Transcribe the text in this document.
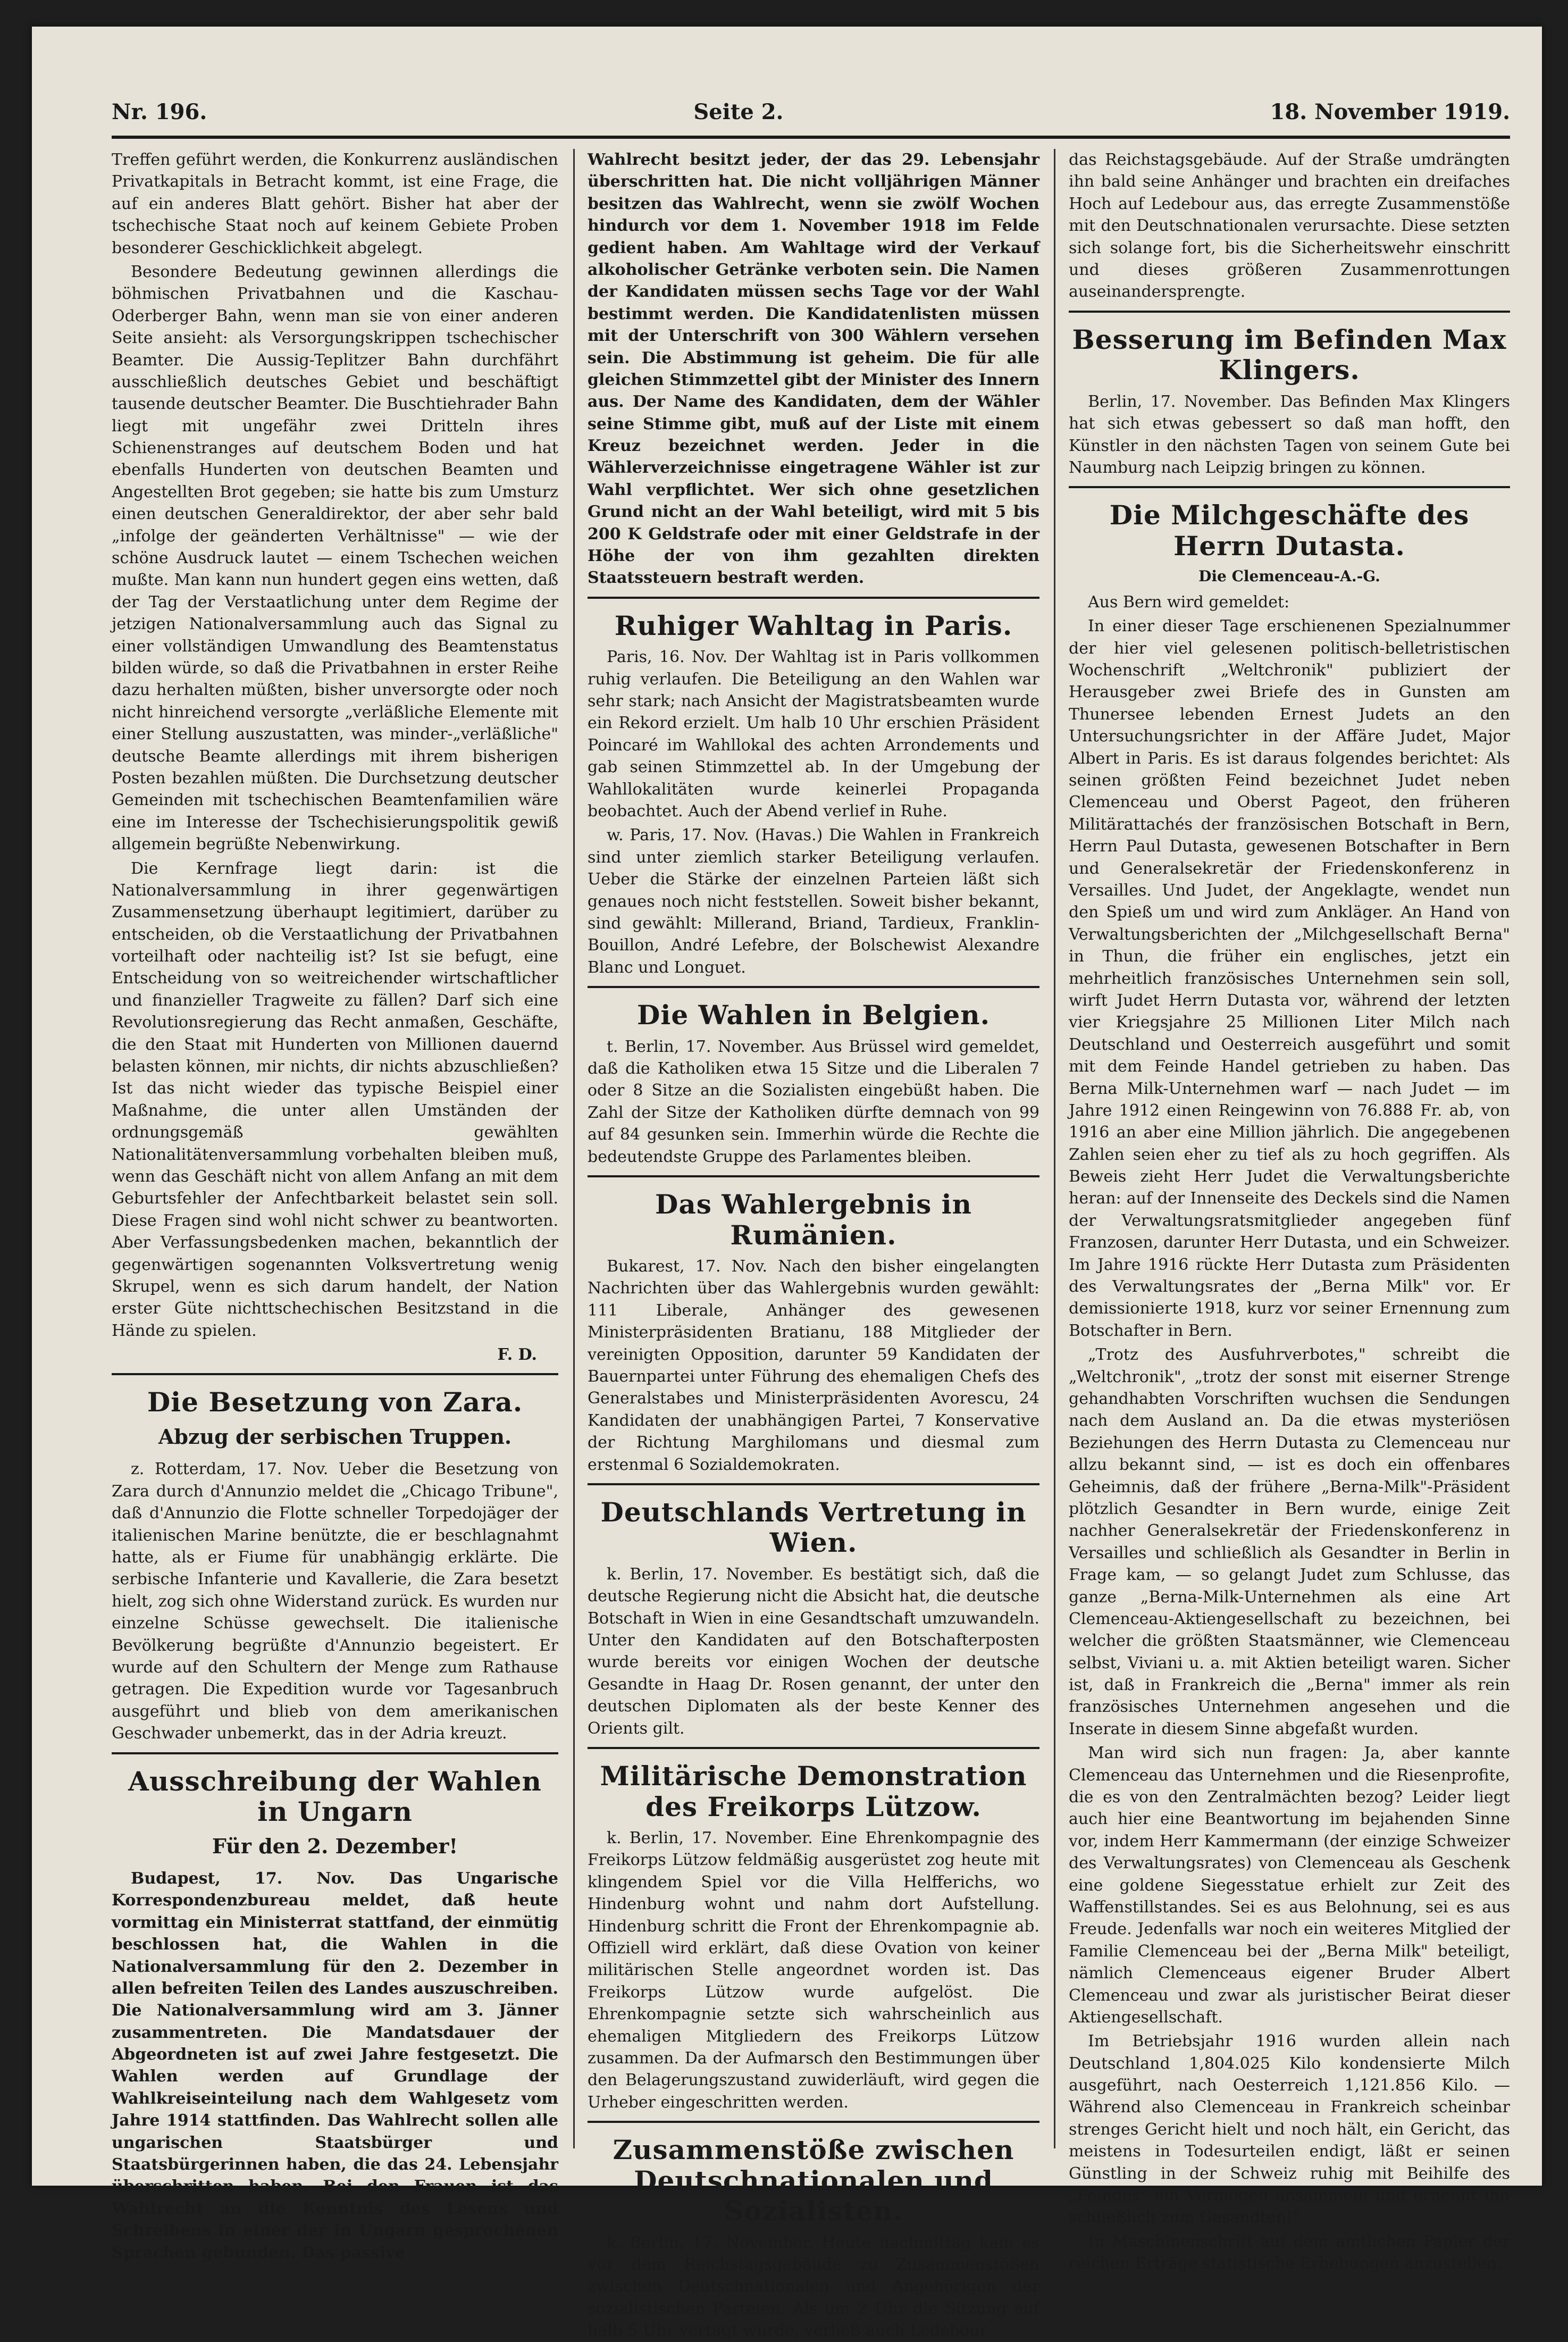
Nr. 196.	Seite 2.	18. November 1919.

Treffen geführt werden, die Konkurrenz ausländischen Privatkapitals in Betracht kommt, ist eine Frage, die auf ein anderes Blatt gehört. Bisher hat aber der tschechische Staat noch auf keinem Gebiete Proben besonderer Geschicklichkeit abgelegt.

Besondere Bedeutung gewinnen allerdings die böhmischen Privatbahnen und die Kaschau-Oderberger Bahn, wenn man sie von einer anderen Seite ansieht: als Versorgungskrippen tschechischer Beamter. Die Aussig-Teplitzer Bahn durchfährt ausschließlich deutsches Gebiet und beschäftigt tausende deutscher Beamter. Die Buschtiehrader Bahn liegt mit ungefähr zwei Dritteln ihres Schienenstranges auf deutschem Boden und hat ebenfalls Hunderten von deutschen Beamten und Angestellten Brot gegeben; sie hatte bis zum Umsturz einen deutschen Generaldirektor, der aber sehr bald „infolge der geänderten Verhältnisse" — wie der schöne Ausdruck lautet — einem Tschechen weichen mußte. Man kann nun hundert gegen eins wetten, daß der Tag der Verstaatlichung unter dem Regime der jetzigen Nationalversammlung auch das Signal zu einer vollständigen Umwandlung des Beamtenstatus bilden würde, so daß die Privatbahnen in erster Reihe dazu herhalten müßten, bisher unversorgte oder noch nicht hinreichend versorgte „verläßliche Elemente mit einer Stellung auszustatten, was minder-„verläßliche" deutsche Beamte allerdings mit ihrem bisherigen Posten bezahlen müßten. Die Durchsetzung deutscher Gemeinden mit tschechischen Beamtenfamilien wäre eine im Interesse der Tschechisierungspolitik gewiß allgemein begrüßte Nebenwirkung.

Die Kernfrage liegt darin: ist die Nationalversammlung in ihrer gegenwärtigen Zusammensetzung überhaupt legitimiert, darüber zu entscheiden, ob die Verstaatlichung der Privatbahnen vorteilhaft oder nachteilig ist? Ist sie befugt, eine Entscheidung von so weitreichender wirtschaftlicher und finanzieller Tragweite zu fällen? Darf sich eine Revolutionsregierung das Recht anmaßen, Geschäfte, die den Staat mit Hunderten von Millionen dauernd belasten können, mir nichts, dir nichts abzuschließen? Ist das nicht wieder das typische Beispiel einer Maßnahme, die unter allen Umständen der ordnungsgemäß gewählten Nationalitätenversammlung vorbehalten bleiben muß, wenn das Geschäft nicht von allem Anfang an mit dem Geburtsfehler der Anfechtbarkeit belastet sein soll. Diese Fragen sind wohl nicht schwer zu beantworten. Aber Verfassungsbedenken machen, bekanntlich der gegenwärtigen sogenannten Volksvertretung wenig Skrupel, wenn es sich darum handelt, der Nation erster Güte nichttschechischen Besitzstand in die Hände zu spielen.

F. D.

Die Besetzung von Zara.
Abzug der serbischen Truppen.

z. Rotterdam, 17. Nov. Ueber die Besetzung von Zara durch d'Annunzio meldet die „Chicago Tribune", daß d'Annunzio die Flotte schneller Torpedojäger der italienischen Marine benützte, die er beschlagnahmt hatte, als er Fiume für unabhängig erklärte. Die serbische Infanterie und Kavallerie, die Zara besetzt hielt, zog sich ohne Widerstand zurück. Es wurden nur einzelne Schüsse gewechselt. Die italienische Bevölkerung begrüßte d'Annunzio begeistert. Er wurde auf den Schultern der Menge zum Rathause getragen. Die Expedition wurde vor Tagesanbruch ausgeführt und blieb von dem amerikanischen Geschwader unbemerkt, das in der Adria kreuzt.

Ausschreibung der Wahlen in Ungarn
Für den 2. Dezember!

Budapest, 17. Nov. Das Ungarische Korrespondenzbureau meldet, daß heute vormittag ein Ministerrat stattfand, der einmütig beschlossen hat, die Wahlen in die Nationalversammlung für den 2. Dezember in allen befreiten Teilen des Landes auszuschreiben. Die Nationalversammlung wird am 3. Jänner zusammentreten. Die Mandatsdauer der Abgeordneten ist auf zwei Jahre festgesetzt. Die Wahlen werden auf Grundlage der Wahlkreiseinteilung nach dem Wahlgesetz vom Jahre 1914 stattfinden. Das Wahlrecht sollen alle ungarischen Staatsbürger und Staatsbürgerinnen haben, die das 24. Lebensjahr überschritten haben. Bei den Frauen ist das Wahlrecht an die Kenntnis des Lesens und Schreibens in einer der in Ungarn gesprochenen Sprachen gebunden. Das passive

Wahlrecht besitzt jeder, der das 29. Lebensjahr überschritten hat. Die nicht volljährigen Männer besitzen das Wahlrecht, wenn sie zwölf Wochen hindurch vor dem 1. November 1918 im Felde gedient haben. Am Wahltage wird der Verkauf alkoholischer Getränke verboten sein. Die Namen der Kandidaten müssen sechs Tage vor der Wahl bestimmt werden. Die Kandidatenlisten müssen mit der Unterschrift von 300 Wählern versehen sein. Die Abstimmung ist geheim. Die für alle gleichen Stimmzettel gibt der Minister des Innern aus. Der Name des Kandidaten, dem der Wähler seine Stimme gibt, muß auf der Liste mit einem Kreuz bezeichnet werden. Jeder in die Wählerverzeichnisse eingetragene Wähler ist zur Wahl verpflichtet. Wer sich ohne gesetzlichen Grund nicht an der Wahl beteiligt, wird mit 5 bis 200 K Geldstrafe oder mit einer Geldstrafe in der Höhe der von ihm gezahlten direkten Staatssteuern bestraft werden.

Ruhiger Wahltag in Paris.

Paris, 16. Nov. Der Wahltag ist in Paris vollkommen ruhig verlaufen. Die Beteiligung an den Wahlen war sehr stark; nach Ansicht der Magistratsbeamten wurde ein Rekord erzielt. Um halb 10 Uhr erschien Präsident Poincaré im Wahllokal des achten Arrondements und gab seinen Stimmzettel ab. In der Umgebung der Wahllokalitäten wurde keinerlei Propaganda beobachtet. Auch der Abend verlief in Ruhe.

w. Paris, 17. Nov. (Havas.) Die Wahlen in Frankreich sind unter ziemlich starker Beteiligung verlaufen. Ueber die Stärke der einzelnen Parteien läßt sich genaues noch nicht feststellen. Soweit bisher bekannt, sind gewählt: Millerand, Briand, Tardieux, Franklin-Bouillon, André Lefebre, der Bolschewist Alexandre Blanc und Longuet.

Die Wahlen in Belgien.

t. Berlin, 17. November. Aus Brüssel wird gemeldet, daß die Katholiken etwa 15 Sitze und die Liberalen 7 oder 8 Sitze an die Sozialisten eingebüßt haben. Die Zahl der Sitze der Katholiken dürfte demnach von 99 auf 84 gesunken sein. Immerhin würde die Rechte die bedeutendste Gruppe des Parlamentes bleiben.

Das Wahlergebnis in Rumänien.

Bukarest, 17. Nov. Nach den bisher eingelangten Nachrichten über das Wahlergebnis wurden gewählt: 111 Liberale, Anhänger des gewesenen Ministerpräsidenten Bratianu, 188 Mitglieder der vereinigten Opposition, darunter 59 Kandidaten der Bauernpartei unter Führung des ehemaligen Chefs des Generalstabes und Ministerpräsidenten Avorescu, 24 Kandidaten der unabhängigen Partei, 7 Konservative der Richtung Marghilomans und diesmal zum erstenmal 6 Sozialdemokraten.

Deutschlands Vertretung in Wien.

k. Berlin, 17. November. Es bestätigt sich, daß die deutsche Regierung nicht die Absicht hat, die deutsche Botschaft in Wien in eine Gesandtschaft umzuwandeln. Unter den Kandidaten auf den Botschafterposten wurde bereits vor einigen Wochen der deutsche Gesandte in Haag Dr. Rosen genannt, der unter den deutschen Diplomaten als der beste Kenner des Orients gilt.

Militärische Demonstration des Freikorps Lützow.

k. Berlin, 17. November. Eine Ehrenkompagnie des Freikorps Lützow feldmäßig ausgerüstet zog heute mit klingendem Spiel vor die Villa Helfferichs, wo Hindenburg wohnt und nahm dort Aufstellung. Hindenburg schritt die Front der Ehrenkompagnie ab. Offiziell wird erklärt, daß diese Ovation von keiner militärischen Stelle angeordnet worden ist. Das Freikorps Lützow wurde aufgelöst. Die Ehrenkompagnie setzte sich wahrscheinlich aus ehemaligen Mitgliedern des Freikorps Lützow zusammen. Da der Aufmarsch den Bestimmungen über den Belagerungszustand zuwiderläuft, wird gegen die Urheber eingeschritten werden.

Zusammenstöße zwischen Deutschnationalen und Sozialisten.

k. Berlin, 17. November. Heute nachmittag kam es vor dem Reichstagsgebäude zu Zusammenstößen zwischen Deutschnationalen und Angehörigen der sozialistischen Parteien. Als um 2 Uhr die Sitzung auf halb 5 Uhr vertagt wurde, verließ auch Ledebour

das Reichstagsgebäude. Auf der Straße umdrängten ihn bald seine Anhänger und brachten ein dreifaches Hoch auf Ledebour aus, das erregte Zusammenstöße mit den Deutschnationalen verursachte. Diese setzten sich solange fort, bis die Sicherheitswehr einschritt und dieses größeren Zusammenrottungen auseinandersprengte.

Besserung im Befinden Max Klingers.

Berlin, 17. November. Das Befinden Max Klingers hat sich etwas gebessert so daß man hofft, den Künstler in den nächsten Tagen von seinem Gute bei Naumburg nach Leipzig bringen zu können.

Die Milchgeschäfte des Herrn Dutasta.
Die Clemenceau-A.-G.

Aus Bern wird gemeldet:

In einer dieser Tage erschienenen Spezialnummer der hier viel gelesenen politisch-belletristischen Wochenschrift „Weltchronik" publiziert der Herausgeber zwei Briefe des in Gunsten am Thunersee lebenden Ernest Judets an den Untersuchungsrichter in der Affäre Judet, Major Albert in Paris. Es ist daraus folgendes berichtet: Als seinen größten Feind bezeichnet Judet neben Clemenceau und Oberst Pageot, den früheren Militärattachés der französischen Botschaft in Bern, Herrn Paul Dutasta, gewesenen Botschafter in Bern und Generalsekretär der Friedenskonferenz in Versailles. Und Judet, der Angeklagte, wendet nun den Spieß um und wird zum Ankläger. An Hand von Verwaltungsberichten der „Milchgesellschaft Berna" in Thun, die früher ein englisches, jetzt ein mehrheitlich französisches Unternehmen sein soll, wirft Judet Herrn Dutasta vor, während der letzten vier Kriegsjahre 25 Millionen Liter Milch nach Deutschland und Oesterreich ausgeführt und somit mit dem Feinde Handel getrieben zu haben. Das Berna Milk-Unternehmen warf — nach Judet — im Jahre 1912 einen Reingewinn von 76.888 Fr. ab, von 1916 an aber eine Million jährlich. Die angegebenen Zahlen seien eher zu tief als zu hoch gegriffen. Als Beweis zieht Herr Judet die Verwaltungsberichte heran: auf der Innenseite des Deckels sind die Namen der Verwaltungsratsmitglieder angegeben fünf Franzosen, darunter Herr Dutasta, und ein Schweizer. Im Jahre 1916 rückte Herr Dutasta zum Präsidenten des Verwaltungsrates der „Berna Milk" vor. Er demissionierte 1918, kurz vor seiner Ernennung zum Botschafter in Bern.

„Trotz des Ausfuhrverbotes," schreibt die „Weltchronik", „trotz der sonst mit eiserner Strenge gehandhabten Vorschriften wuchsen die Sendungen nach dem Ausland an. Da die etwas mysteriösen Beziehungen des Herrn Dutasta zu Clemenceau nur allzu bekannt sind, — ist es doch ein offenbares Geheimnis, daß der frühere „Berna-Milk"-Präsident plötzlich Gesandter in Bern wurde, einige Zeit nachher Generalsekretär der Friedenskonferenz in Versailles und schließlich als Gesandter in Berlin in Frage kam, — so gelangt Judet zum Schlusse, das ganze „Berna-Milk-Unternehmen als eine Art Clemenceau-Aktiengesellschaft zu bezeichnen, bei welcher die größten Staatsmänner, wie Clemenceau selbst, Viviani u. a. mit Aktien beteiligt waren. Sicher ist, daß in Frankreich die „Berna" immer als rein französisches Unternehmen angesehen und die Inserate in diesem Sinne abgefaßt wurden.

Man wird sich nun fragen: Ja, aber kannte Clemenceau das Unternehmen und die Riesenprofite, die es von den Zentralmächten bezog? Leider liegt auch hier eine Beantwortung im bejahenden Sinne vor, indem Herr Kammermann (der einzige Schweizer des Verwaltungsrates) von Clemenceau als Geschenk eine goldene Siegesstatue erhielt zur Zeit des Waffenstillstandes. Sei es aus Belohnung, sei es aus Freude. Jedenfalls war noch ein weiteres Mitglied der Familie Clemenceau bei der „Berna Milk" beteiligt, nämlich Clemenceaus eigener Bruder Albert Clemenceau und zwar als juristischer Beirat dieser Aktiengesellschaft.

Im Betriebsjahr 1916 wurden allein nach Deutschland 1,804.025 Kilo kondensierte Milch ausgeführt, nach Oesterreich 1,121.856 Kilo. — Während also Clemenceau in Frankreich scheinbar strenges Gericht hielt und noch hält, ein Gericht, das meistens in Todesurteilen endigt, läßt er seinen Günstling in der Schweiz ruhig mit Beihilfe des „Feindes" ein Vermögen ansammeln und ernennt ihn schließlich zum Gesandten!"

In Maschinenschrift auf dem amtlichen Papier der reichen Erträge statistische Erhebungen anzustellen.
